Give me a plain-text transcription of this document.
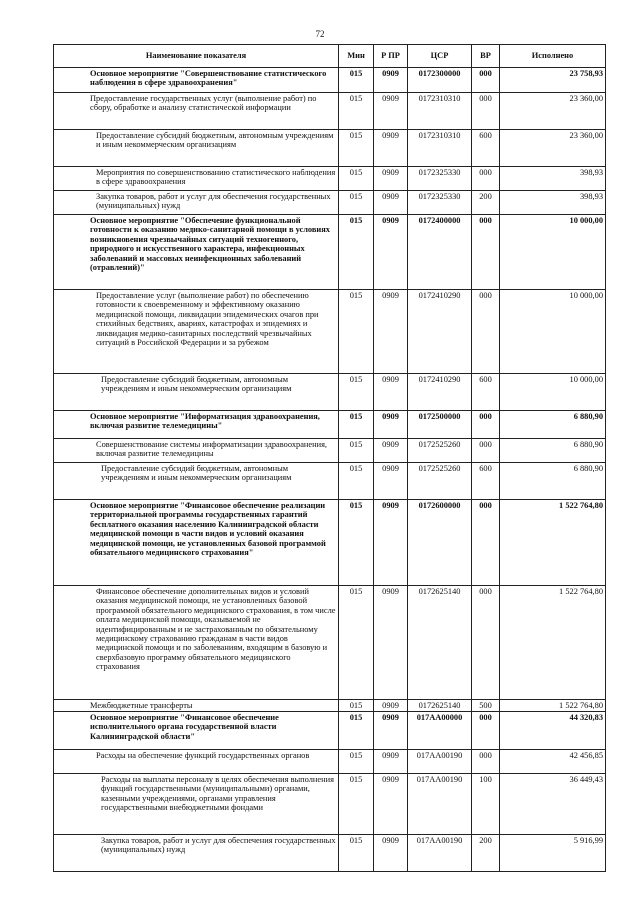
72
Наименование показателя	Мин	Р ПР	ЦСР	ВР	Исполнено

Основное мероприятие "Совершенствование статистического наблюдения в сфере здравоохранения"	015	0909	0172300000	000	23 758,93

Предоставление государственных услуг (выполнение работ) по сбору, обработке и анализу статистической информации	015	0909	0172310310	000	23 360,00

Предоставление субсидий бюджетным, автономным учреждениям и иным некоммерческим организациям	015	0909	0172310310	600	23 360,00

Мероприятия по совершенствованию статистического наблюдения в сфере здравоохранения	015	0909	0172325330	000	398,93

Закупка товаров, работ и услуг для обеспечения государственных (муниципальных) нужд	015	0909	0172325330	200	398,93

Основное мероприятие "Обеспечение функциональной готовности к оказанию медико-санитарной помощи в условиях возникновения чрезвычайных ситуаций техногенного, природного и искусственного характера, инфекционных заболеваний и массовых неинфекционных заболеваний (отравлений)"	015	0909	0172400000	000	10 000,00

Предоставление услуг (выполнение работ) по обеспечению готовности к своевременному и эффективному оказанию медицинской помощи, ликвидации эпидемических очагов при стихийных бедствиях, авариях, катастрофах и эпидемиях и ликвидация медико-санитарных последствий чрезвычайных ситуаций в Российской Федерации и за рубежом	015	0909	0172410290	000	10 000,00

Предоставление субсидий бюджетным, автономным учреждениям и иным некоммерческим организациям	015	0909	0172410290	600	10 000,00

Основное мероприятие "Информатизация здравоохранения, включая развитие телемедицины"	015	0909	0172500000	000	6 880,90

Совершенствование системы информатизации здравоохранения, включая развитие телемедицины	015	0909	0172525260	000	6 880,90

Предоставление субсидий бюджетным, автономным учреждениям и иным некоммерческим организациям	015	0909	0172525260	600	6 880,90

Основное мероприятие "Финансовое обеспечение реализации территориальной программы государственных гарантий бесплатного оказания населению Калининградской области медицинской помощи в части видов и условий оказания медицинской помощи, не установленных базовой программой обязательного медицинского страхования"	015	0909	0172600000	000	1 522 764,80

Финансовое обеспечение дополнительных видов и условий оказания медицинской помощи, не установленных базовой программой обязательного медицинского страхования, в том числе оплата медицинской помощи, оказываемой не идентифицированным и не застрахованным по обязательному медицинскому страхованию гражданам в части видов медицинской помощи и по заболеваниям, входящим в базовую и сверхбазовую программу обязательного медицинского страхования	015	0909	0172625140	000	1 522 764,80

Межбюджетные трансферты	015	0909	0172625140	500	1 522 764,80

Основное мероприятие "Финансовое обеспечение исполнительного органа государственной власти Калининградской области"	015	0909	017АА00000	000	44 320,83

Расходы на обеспечение функций государственных органов	015	0909	017АА00190	000	42 456,85

Расходы на выплаты персоналу в целях обеспечения выполнения функций государственными (муниципальными) органами, казенными учреждениями, органами управления государственными внебюджетными фондами	015	0909	017АА00190	100	36 449,43

Закупка товаров, работ и услуг для обеспечения государственных (муниципальных) нужд	015	0909	017АА00190	200	5 916,99
